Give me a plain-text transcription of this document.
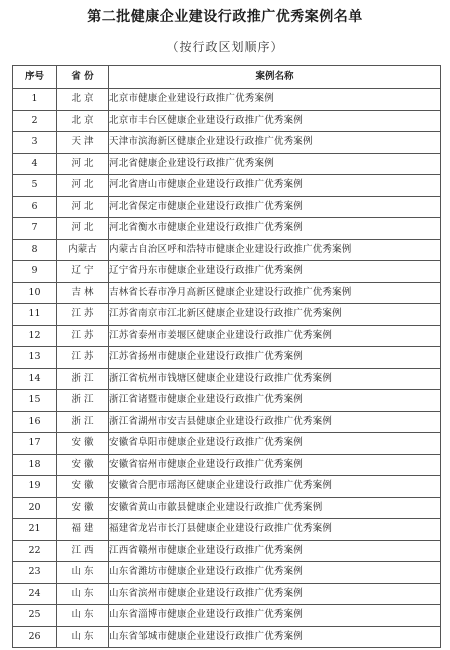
第二批健康企业建设行政推广优秀案例名单
（按行政区划顺序）
序号	省 份	案例名称
1	北 京	北京市健康企业建设行政推广优秀案例
2	北 京	北京市丰台区健康企业建设行政推广优秀案例
3	天 津	天津市滨海新区健康企业建设行政推广优秀案例
4	河 北	河北省健康企业建设行政推广优秀案例
5	河 北	河北省唐山市健康企业建设行政推广优秀案例
6	河 北	河北省保定市健康企业建设行政推广优秀案例
7	河 北	河北省衡水市健康企业建设行政推广优秀案例
8	内蒙古	内蒙古自治区呼和浩特市健康企业建设行政推广优秀案例
9	辽 宁	辽宁省丹东市健康企业建设行政推广优秀案例
10	吉 林	吉林省长春市净月高新区健康企业建设行政推广优秀案例
11	江 苏	江苏省南京市江北新区健康企业建设行政推广优秀案例
12	江 苏	江苏省泰州市姜堰区健康企业建设行政推广优秀案例
13	江 苏	江苏省扬州市健康企业建设行政推广优秀案例
14	浙 江	浙江省杭州市钱塘区健康企业建设行政推广优秀案例
15	浙 江	浙江省诸暨市健康企业建设行政推广优秀案例
16	浙 江	浙江省湖州市安吉县健康企业建设行政推广优秀案例
17	安 徽	安徽省阜阳市健康企业建设行政推广优秀案例
18	安 徽	安徽省宿州市健康企业建设行政推广优秀案例
19	安 徽	安徽省合肥市瑶海区健康企业建设行政推广优秀案例
20	安 徽	安徽省黄山市歙县健康企业建设行政推广优秀案例
21	福 建	福建省龙岩市长汀县健康企业建设行政推广优秀案例
22	江 西	江西省赣州市健康企业建设行政推广优秀案例
23	山 东	山东省潍坊市健康企业建设行政推广优秀案例
24	山 东	山东省滨州市健康企业建设行政推广优秀案例
25	山 东	山东省淄博市健康企业建设行政推广优秀案例
26	山 东	山东省邹城市健康企业建设行政推广优秀案例
